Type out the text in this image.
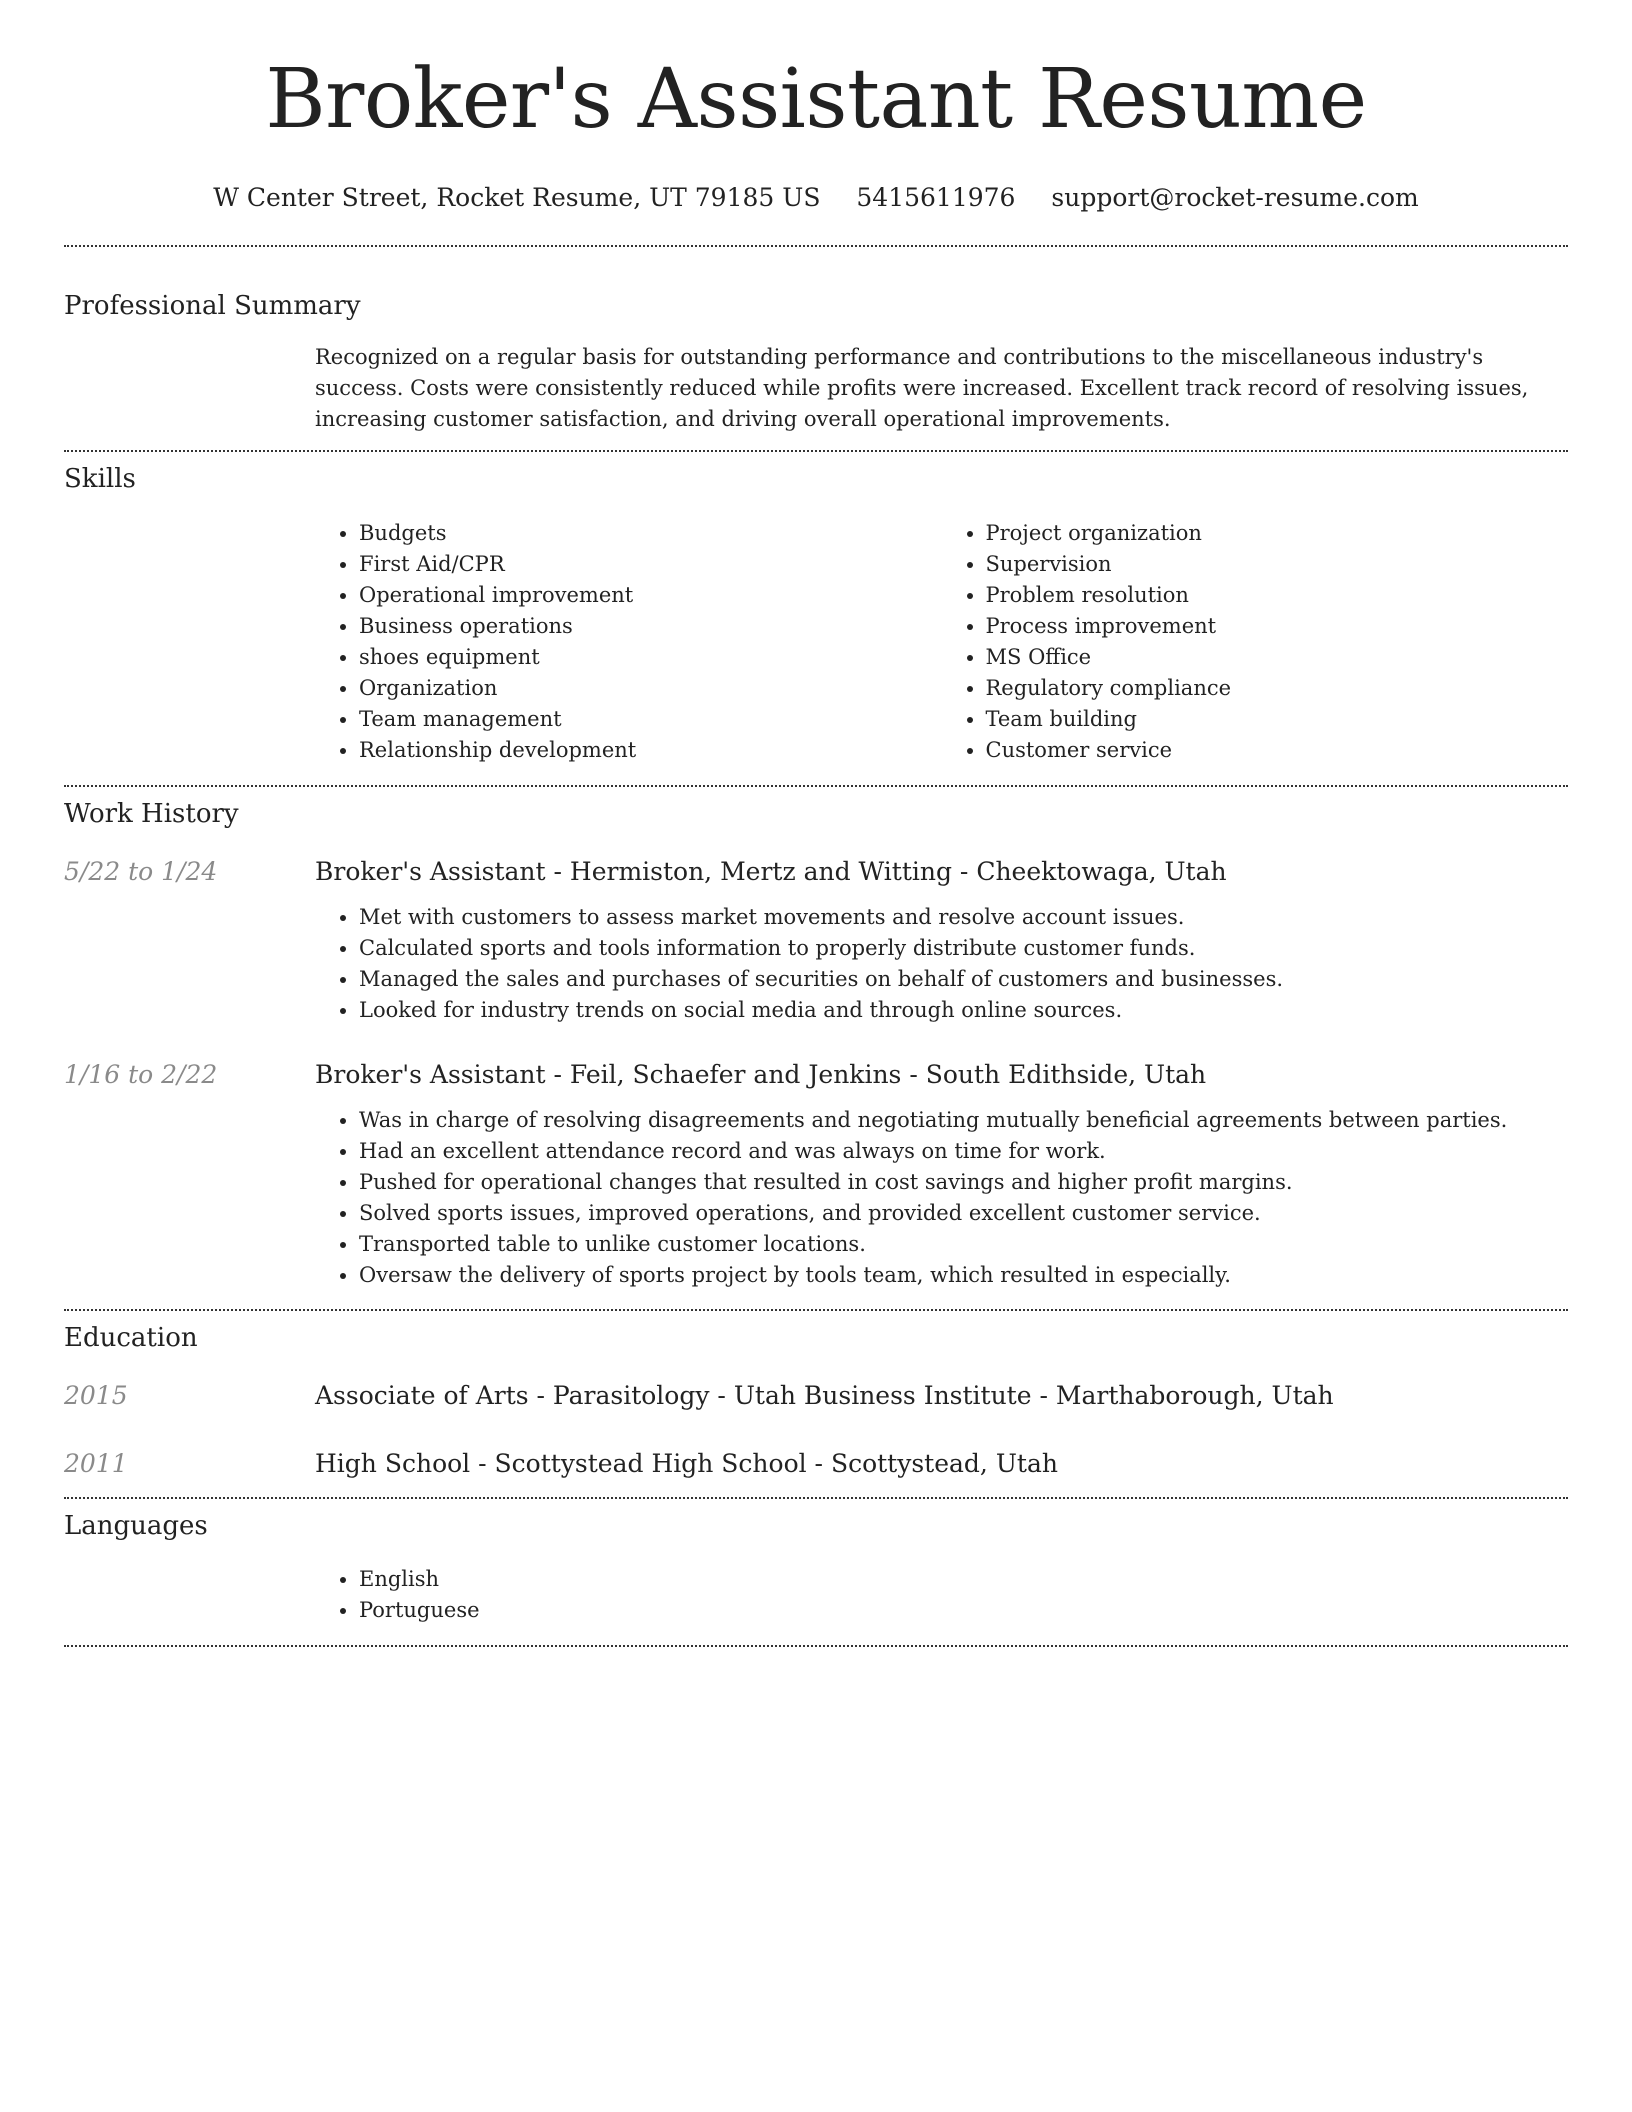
Broker's Assistant Resume
W Center Street, Rocket Resume, UT 79185 US 5415611976 support@rocket-resume.com
Professional Summary
Recognized on a regular basis for outstanding performance and contributions to the miscellaneous industry's success. Costs were consistently reduced while profits were increased. Excellent track record of resolving issues, increasing customer satisfaction, and driving overall operational improvements.
Skills
• Budgets
• First Aid/CPR
• Operational improvement
• Business operations
• shoes equipment
• Organization
• Team management
• Relationship development
• Project organization
• Supervision
• Problem resolution
• Process improvement
• MS Office
• Regulatory compliance
• Team building
• Customer service
Work History
5/22 to 1/24	Broker's Assistant - Hermiston, Mertz and Witting - Cheektowaga, Utah
• Met with customers to assess market movements and resolve account issues.
• Calculated sports and tools information to properly distribute customer funds.
• Managed the sales and purchases of securities on behalf of customers and businesses.
• Looked for industry trends on social media and through online sources.
1/16 to 2/22	Broker's Assistant - Feil, Schaefer and Jenkins - South Edithside, Utah
• Was in charge of resolving disagreements and negotiating mutually beneficial agreements between parties.
• Had an excellent attendance record and was always on time for work.
• Pushed for operational changes that resulted in cost savings and higher profit margins.
• Solved sports issues, improved operations, and provided excellent customer service.
• Transported table to unlike customer locations.
• Oversaw the delivery of sports project by tools team, which resulted in especially.
Education
2015	Associate of Arts - Parasitology - Utah Business Institute - Marthaborough, Utah
2011	High School - Scottystead High School - Scottystead, Utah
Languages
• English
• Portuguese
